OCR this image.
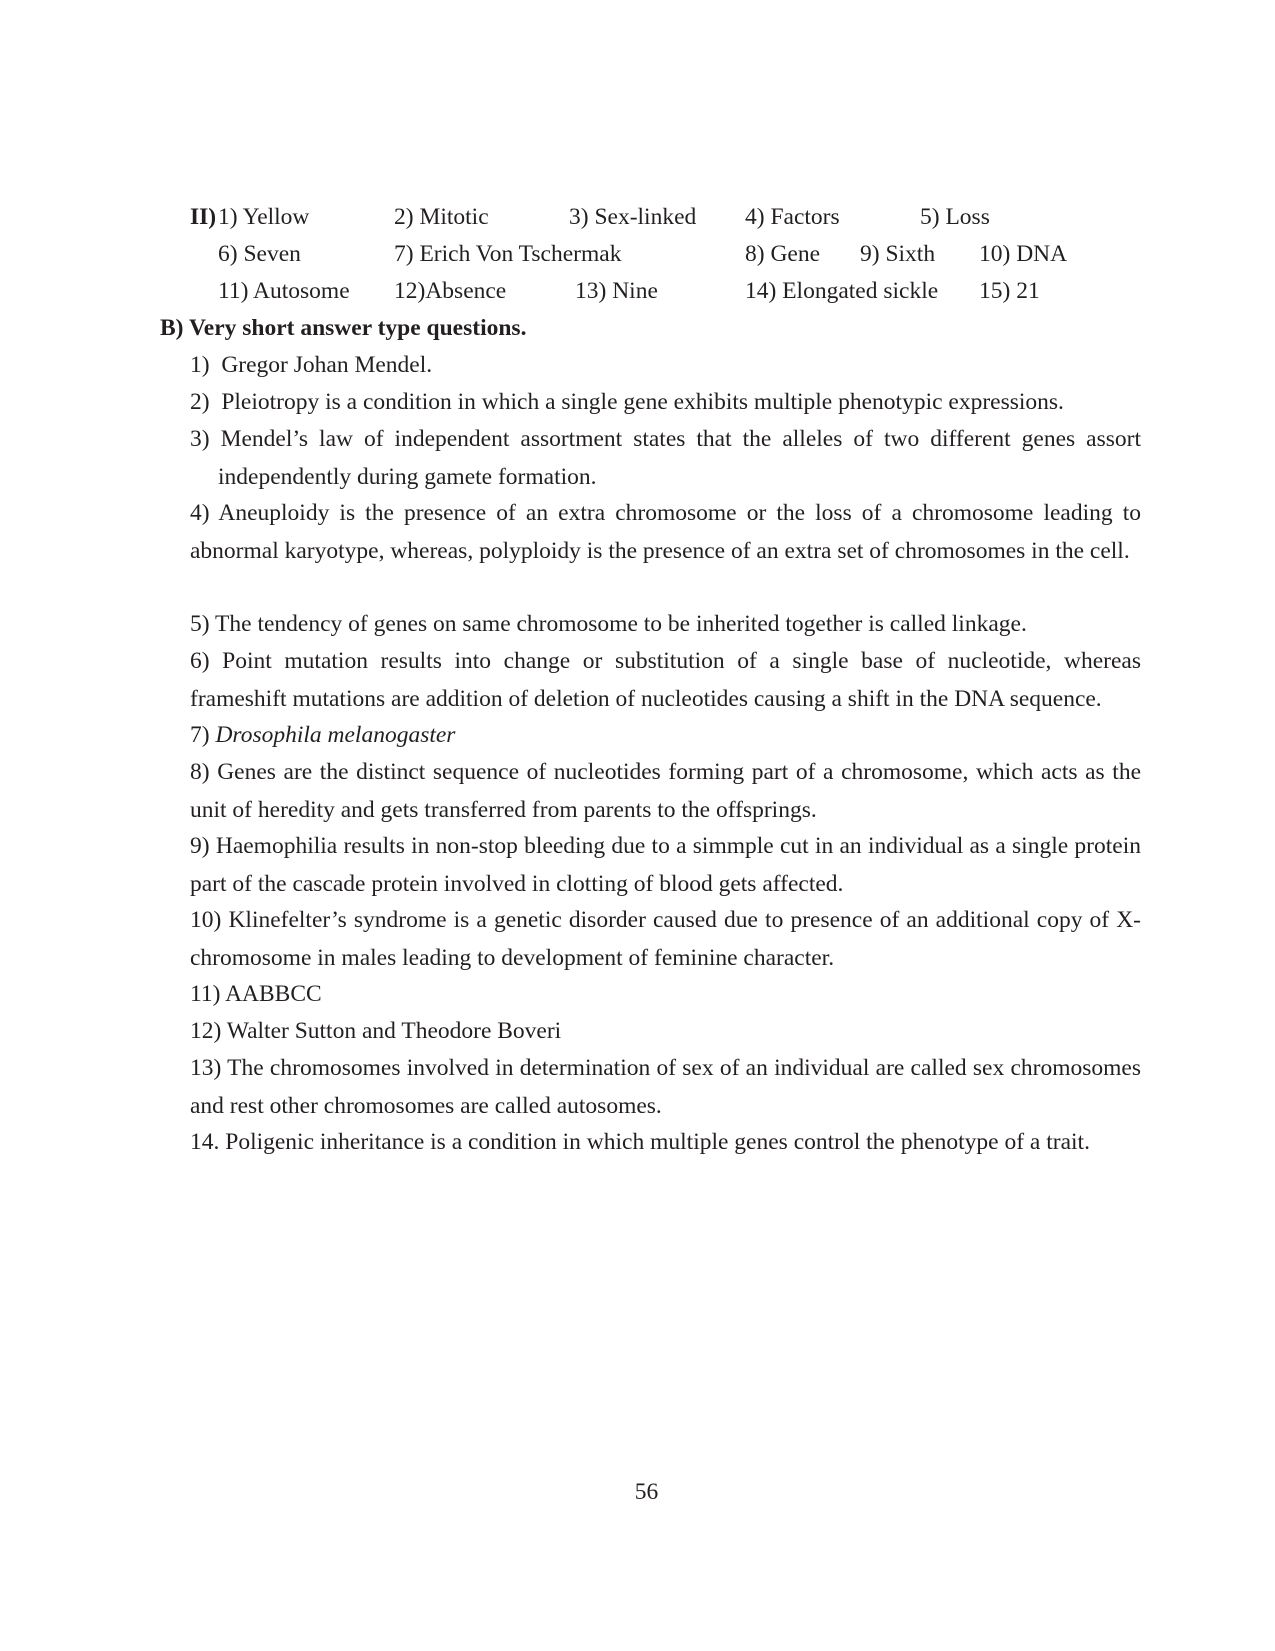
II) 1) Yellow	2) Mitotic	3) Sex-linked 4) Factors	5) Loss
6) Seven	7) Erich Von Tschermak	8) Gene 9) Sixth 10) DNA
11) Autosome 12)Absence	13) Nine	14) Elongated sickle 15) 21
B) Very short answer type questions.
1) Gregor Johan Mendel.
2) Pleiotropy is a condition in which a single gene exhibits multiple phenotypic expressions.
3) Mendel’s law of independent assortment states that the alleles of two different genes assort independently during gamete formation.
4) Aneuploidy is the presence of an extra chromosome or the loss of a chromosome leading to abnormal karyotype, whereas, polyploidy is the presence of an extra set of chromosomes in the cell.
5) The tendency of genes on same chromosome to be inherited together is called linkage.
6) Point mutation results into change or substitution of a single base of nucleotide, whereas frameshift mutations are addition of deletion of nucleotides causing a shift in the DNA sequence.
7) Drosophila melanogaster
8) Genes are the distinct sequence of nucleotides forming part of a chromosome, which acts as the unit of heredity and gets transferred from parents to the offsprings.
9) Haemophilia results in non-stop bleeding due to a simmple cut in an individual as a single protein part of the cascade protein involved in clotting of blood gets affected.
10) Klinefelter’s syndrome is a genetic disorder caused due to presence of an additional copy of X-chromosome in males leading to development of feminine character.
11) AABBCC
12) Walter Sutton and Theodore Boveri
13) The chromosomes involved in determination of sex of an individual are called sex chromosomes and rest other chromosomes are called autosomes.
14. Poligenic inheritance is a condition in which multiple genes control the phenotype of a trait.
56
